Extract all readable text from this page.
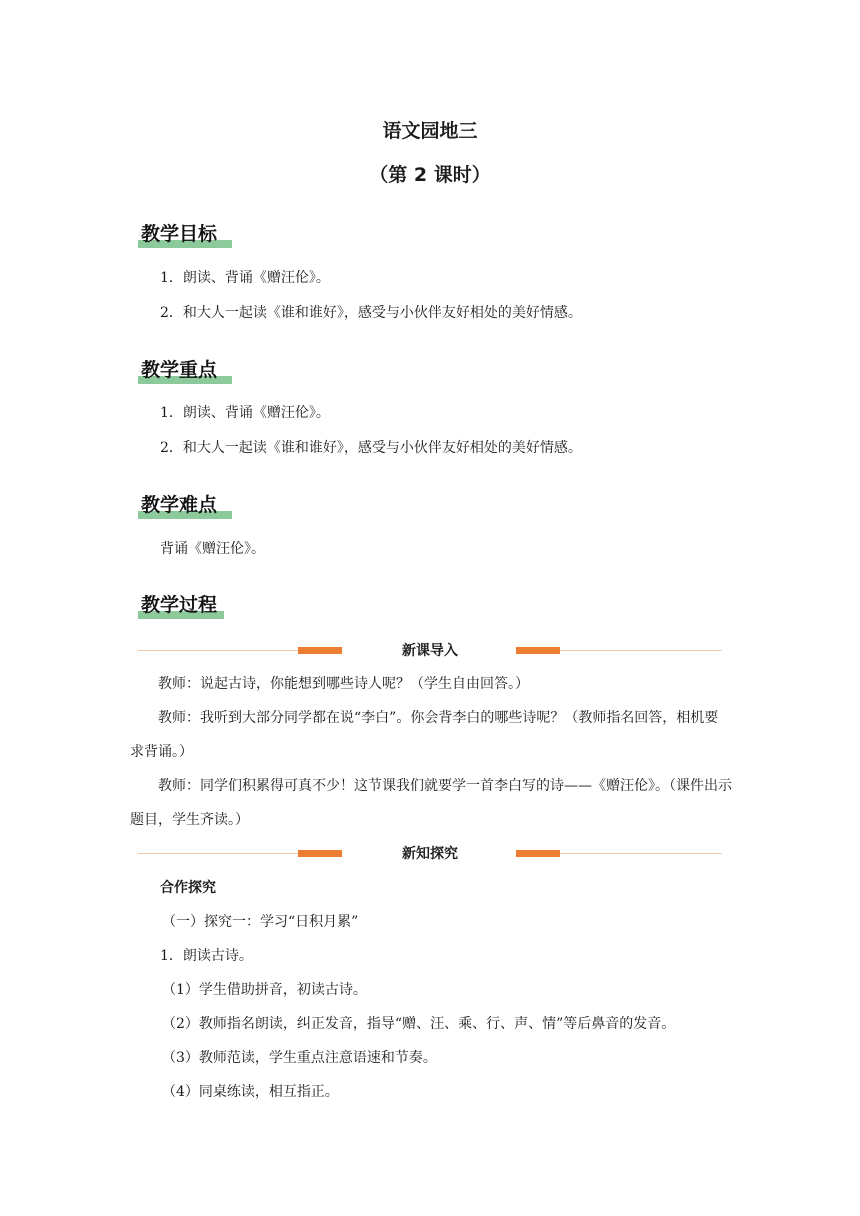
语文园地三
（第 2 课时）
教学目标
1．朗读、背诵《赠汪伦》。
2．和大人一起读《谁和谁好》，感受与小伙伴友好相处的美好情感。
教学重点
1．朗读、背诵《赠汪伦》。
2．和大人一起读《谁和谁好》，感受与小伙伴友好相处的美好情感。
教学难点
背诵《赠汪伦》。
教学过程
新课导入
教师：说起古诗，你能想到哪些诗人呢？（学生自由回答。）
教师：我听到大部分同学都在说“李白”。你会背李白的哪些诗呢？（教师指名回答，相机要求背诵。）
教师：同学们积累得可真不少！这节课我们就要学一首李白写的诗——《赠汪伦》。（课件出示题目，学生齐读。）
新知探究
合作探究
（一）探究一：学习“日积月累”
1．朗读古诗。
（1）学生借助拼音，初读古诗。
（2）教师指名朗读，纠正发音，指导“赠、汪、乘、行、声、情”等后鼻音的发音。
（3）教师范读，学生重点注意语速和节奏。
（4）同桌练读，相互指正。
